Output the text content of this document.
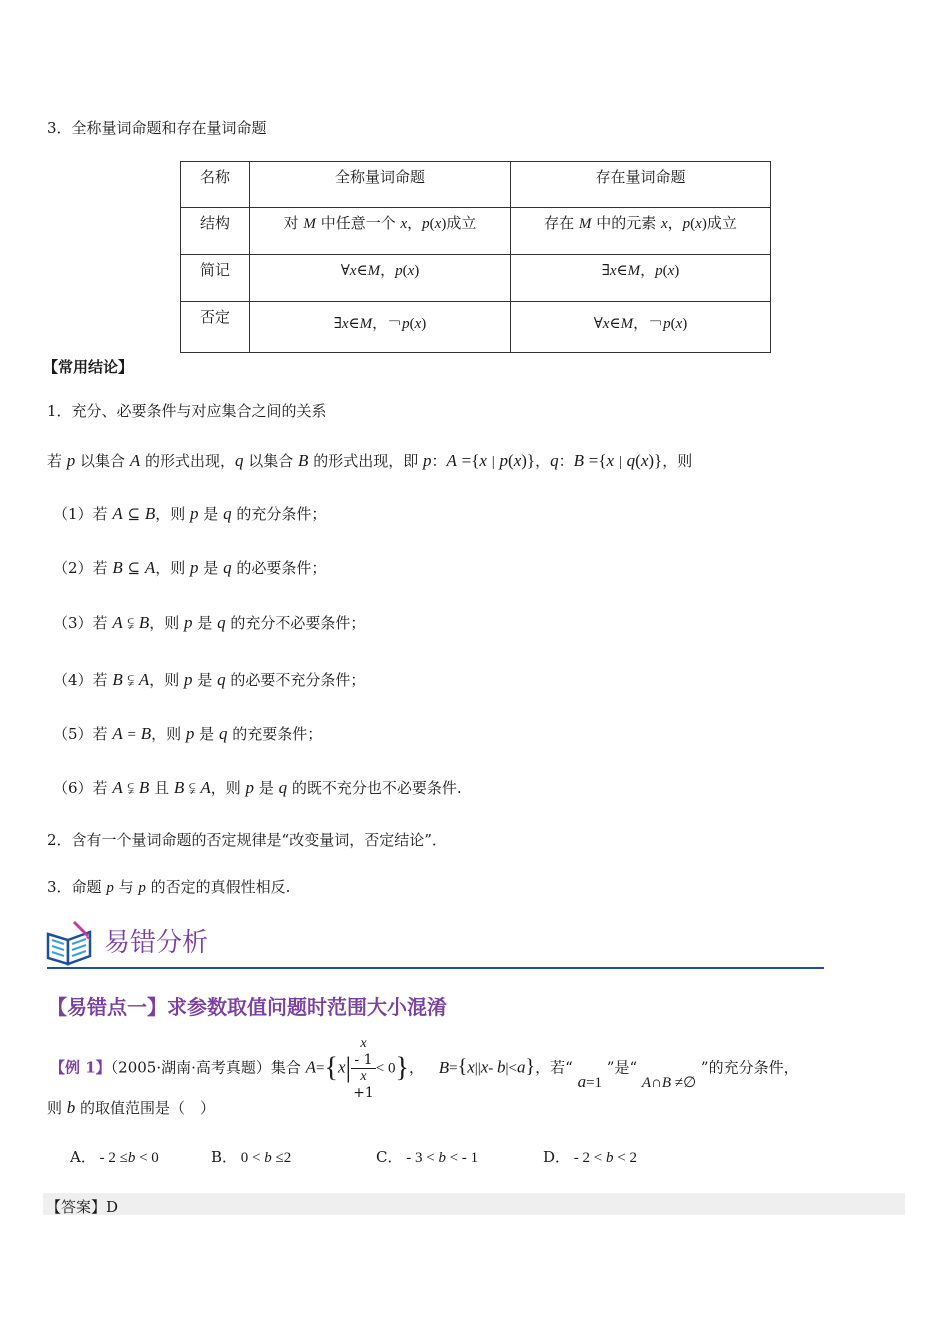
3．全称量词命题和存在量词命题
名称	全称量词命题	存在量词命题
结构	对 M 中任意一个 x，p(x)成立	存在 M 中的元素 x，p(x)成立
简记	∀x∈M，p(x)	∃x∈M，p(x)
否定	∃x∈M，￢p(x)	∀x∈M，￢p(x)
【常用结论】
1．充分、必要条件与对应集合之间的关系
若 p 以集合 A 的形式出现，q 以集合 B 的形式出现，即 p：A ={x | p(x)}，q：B ={x | q(x)}，则
（1）若 A ⊆ B，则 p 是 q 的充分条件；
（2）若 B ⊆ A，则 p 是 q 的必要条件；
（3）若 A ⫋ B，则 p 是 q 的充分不必要条件；
（4）若 B ⫋ A，则 p 是 q 的必要不充分条件；
（5）若 A = B，则 p 是 q 的充要条件；
（6）若 A ⫋ B 且 B ⫋ A，则 p 是 q 的既不充分也不必要条件.
2．含有一个量词命题的否定规律是“改变量词，否定结论”．
3．命题 p 与 p 的否定的真假性相反.
易错分析
【易错点一】求参数取值问题时范围大小混淆
【例 1】（2005·湖南·高考真题）集合 A={x| x
- 1
x
+1 < 0}， B={x||x- b|<a}，若“ a=1 ”是“ A∩B ≠∅ ”的充分条件，
则 b 的取值范围是（　）
A． - 2 ≤b < 0	B． 0 < b ≤2	C． - 3 < b < - 1	D． - 2 < b < 2
【答案】D
